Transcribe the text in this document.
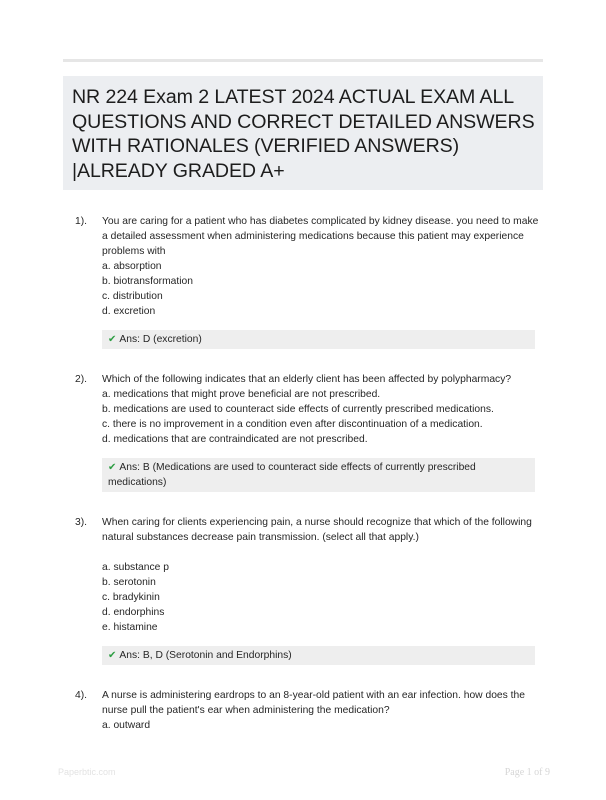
NR 224 Exam 2 LATEST 2024 ACTUAL EXAM ALL QUESTIONS AND CORRECT DETAILED ANSWERS WITH RATIONALES (VERIFIED ANSWERS) |ALREADY GRADED A+
1). You are caring for a patient who has diabetes complicated by kidney disease. you need to make a detailed assessment when administering medications because this patient may experience problems with

a. absorption
b. biotransformation
c. distribution
d. excretion
✔ Ans: D (excretion)
2). Which of the following indicates that an elderly client has been affected by polypharmacy?

a. medications that might prove beneficial are not prescribed.
b. medications are used to counteract side effects of currently prescribed medications.
c. there is no improvement in a condition even after discontinuation of a medication.
d. medications that are contraindicated are not prescribed.
✔ Ans: B (Medications are used to counteract side effects of currently prescribed medications)
3). When caring for clients experiencing pain, a nurse should recognize that which of the following natural substances decrease pain transmission. (select all that apply.)

a. substance p
b. serotonin
c. bradykinin
d. endorphins
e. histamine
✔ Ans: B, D (Serotonin and Endorphins)
4). A nurse is administering eardrops to an 8-year-old patient with an ear infection. how does the nurse pull the patient's ear when administering the medication?

a. outward
Paperbtic.com	Page 1 of 9
